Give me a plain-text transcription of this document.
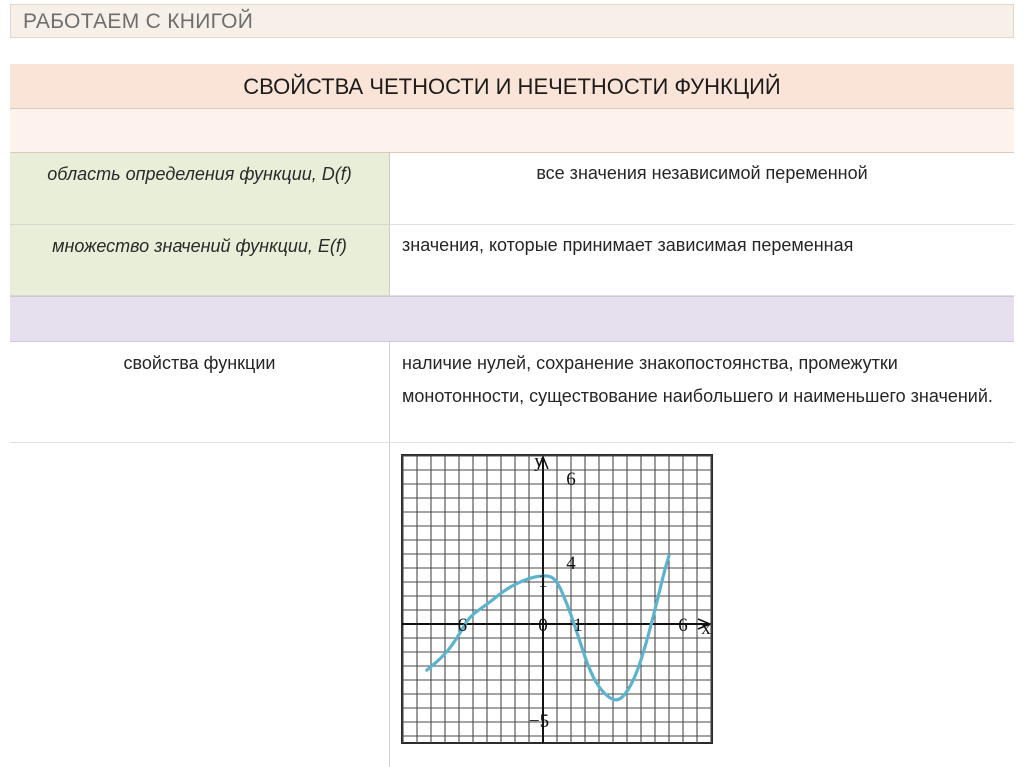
РАБОТАЕМ С КНИГОЙ
СВОЙСТВА ЧЕТНОСТИ И НЕЧЕТНОСТИ ФУНКЦИЙ
область определения функции, D(f)	все значения независимой переменной
множество значений функции, E(f)	значения, которые принимает зависимая переменная
свойства функции	наличие нулей, сохранение знакопостоянства, промежутки монотонности, существование наибольшего и наименьшего значений.
−6	0 1	6 x
y
6
4
1
−5
